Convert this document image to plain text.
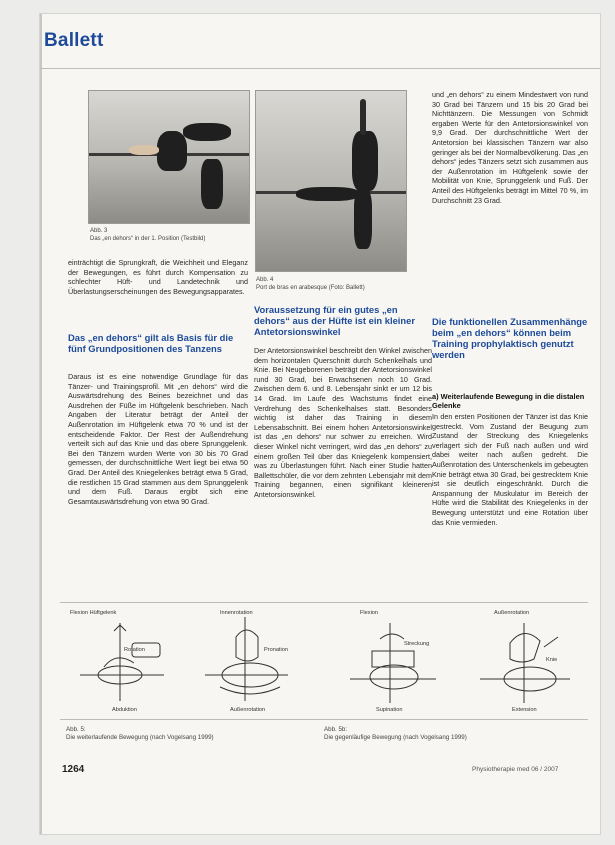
Ballett
Abb. 3
Das „en dehors“ in der 1. Position (Testbild)
Abb. 4
Port de bras en arabesque (Foto: Ballett)

einträchtigt die Sprungkraft, die Weichheit und Eleganz der Bewegungen, es führt durch Kompensation zu schlechter Hüft- und Landetechnik und Überlastungserscheinungen des Bewegungsapparates.

Das „en dehors“ gilt als Basis für die fünf Grundpositionen des Tanzens

Daraus ist es eine notwendige Grundlage für das Tänzer- und Trainingsprofil. Mit „en dehors“ wird die Auswärtsdrehung des Beines bezeichnet und das Ausdrehen der Füße im Hüftgelenk beschrieben. Nach Angaben der Literatur beträgt der Anteil der Außenrotation im Hüftgelenk etwa 70 % und ist der entscheidende Faktor. Der Rest der Außendrehung verteilt sich auf das Knie und das obere Sprunggelenk. Bei den Tänzern wurden Werte von 30 bis 70 Grad gemessen, der durchschnittliche Wert liegt bei etwa 50 Grad. Der Anteil des Kniegelenkes beträgt etwa 5 Grad, die restlichen 15 Grad stammen aus dem Sprunggelenk und dem Fuß. Daraus ergibt sich eine Gesamtauswärtsdrehung von etwa 90 Grad.

Voraussetzung für ein gutes „en dehors“ aus der Hüfte ist ein kleiner Antetorsionswinkel

Der Antetorsionswinkel beschreibt den Winkel zwischen dem horizontalen Querschnitt durch Schenkelhals und Knie. Bei Neugeborenen beträgt der Antetorsionswinkel rund 30 Grad, bei Erwachsenen noch 10 Grad. Zwischen dem 6. und 8. Lebensjahr sinkt er um 12 bis 14 Grad. Im Laufe des Wachstums findet eine Verdrehung des Schenkelhalses statt. Besonders wichtig ist daher das Training in diesem Lebensabschnitt. Bei einem hohen Antetorsionswinkel ist das „en dehors“ nur schwer zu erreichen. Wird dieser Winkel nicht verringert, wird das „en dehors“ zu einem großen Teil über das Kniegelenk kompensiert, was zu Überlastungen führt. Nach einer Studie hatten Ballettschüler, die vor dem zehnten Lebensjahr mit dem Training begannen, einen signifikant kleineren Antetorsionswinkel.

und „en dehors“ zu einem Mindestwert von rund 30 Grad bei Tänzern und 15 bis 20 Grad bei Nichttänzern. Die Messungen von Schmidt ergaben Werte für den Antetorsionswinkel von 9,9 Grad. Der durchschnittliche Wert der Antetorsion bei klassischen Tänzern war also geringer als bei der Normalbevölkerung. Das „en dehors“ jedes Tänzers setzt sich zusammen aus der Außenrotation im Hüftgelenk sowie der Mobilität von Knie, Sprunggelenk und Fuß. Der Anteil des Hüftgelenks beträgt im Mittel 70 %, im Durchschnitt 23 Grad.

Die funktionellen Zusammenhänge beim „en dehors“ können beim Training prophylaktisch genutzt werden
a) Weiterlaufende Bewegung in die distalen Gelenke

In den ersten Positionen der Tänzer ist das Knie gestreckt. Vom Zustand der Beugung zum Zustand der Streckung des Kniegelenks verlagert sich der Fuß nach außen und wird dabei weiter nach außen gedreht. Die Außenrotation des Unterschenkels im gebeugten Knie beträgt etwa 30 Grad, bei gestrecktem Knie ist sie deutlich eingeschränkt. Durch die Anspannung der Muskulatur im Bereich der Hüfte wird die Stabilität des Kniegelenks in der Bewegung unterstützt und eine Rotation über das Knie vermieden.

Flexion Hüftgelenk
Rotation
Abduktion
Innenrotation
Pronation
Außenrotation
Flexion
Streckung
Supination
Außenrotation
Knie
Extension
Abb. 5:
Die weiterlaufende Bewegung (nach Vogelsang 1999)
Abb. 5b:
Die gegenläufige Bewegung (nach Vogelsang 1999)
1264	Physiotherapie med 06 / 2007
